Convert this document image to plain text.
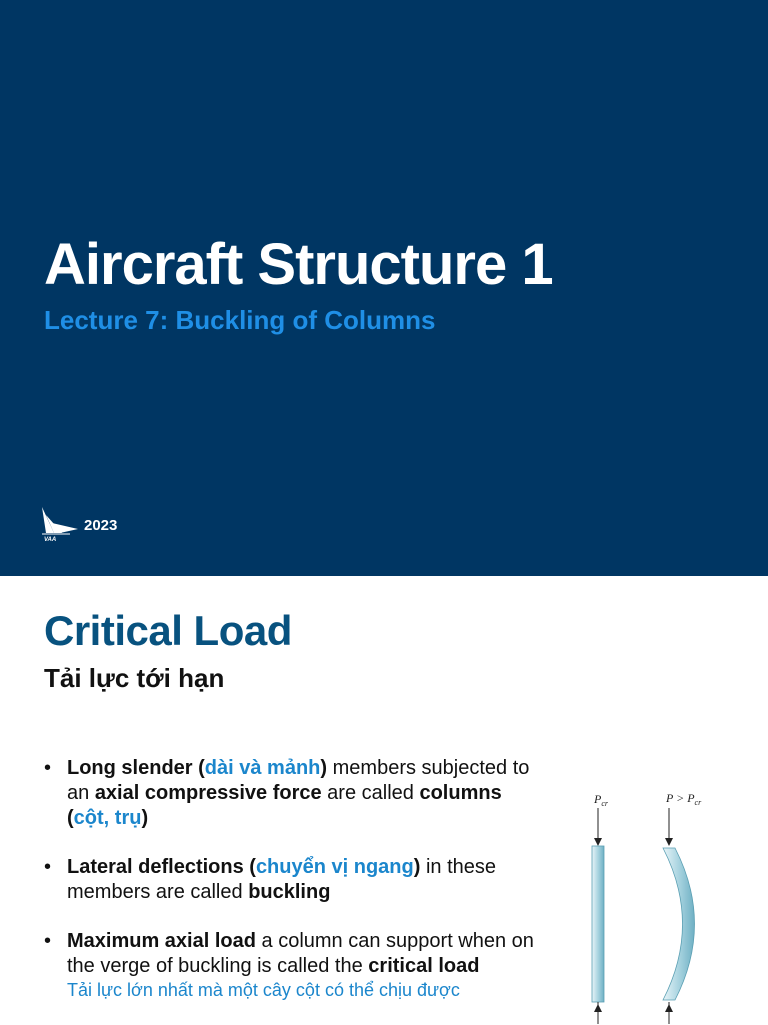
Aircraft Structure 1
Lecture 7: Buckling of Columns
VAA
2023
Critical Load
Tải lực tới hạn
• Long slender (dài và mảnh) members subjected to an axial compressive force are called columns (cột, trụ)
• Lateral deflections (chuyển vị ngang) in these members are called buckling
• Maximum axial load a column can support when on the verge of buckling is called the critical load
Tải lực lớn nhất mà một cây cột có thể chịu được
$P_{cr}$	$P > P_{cr}$
